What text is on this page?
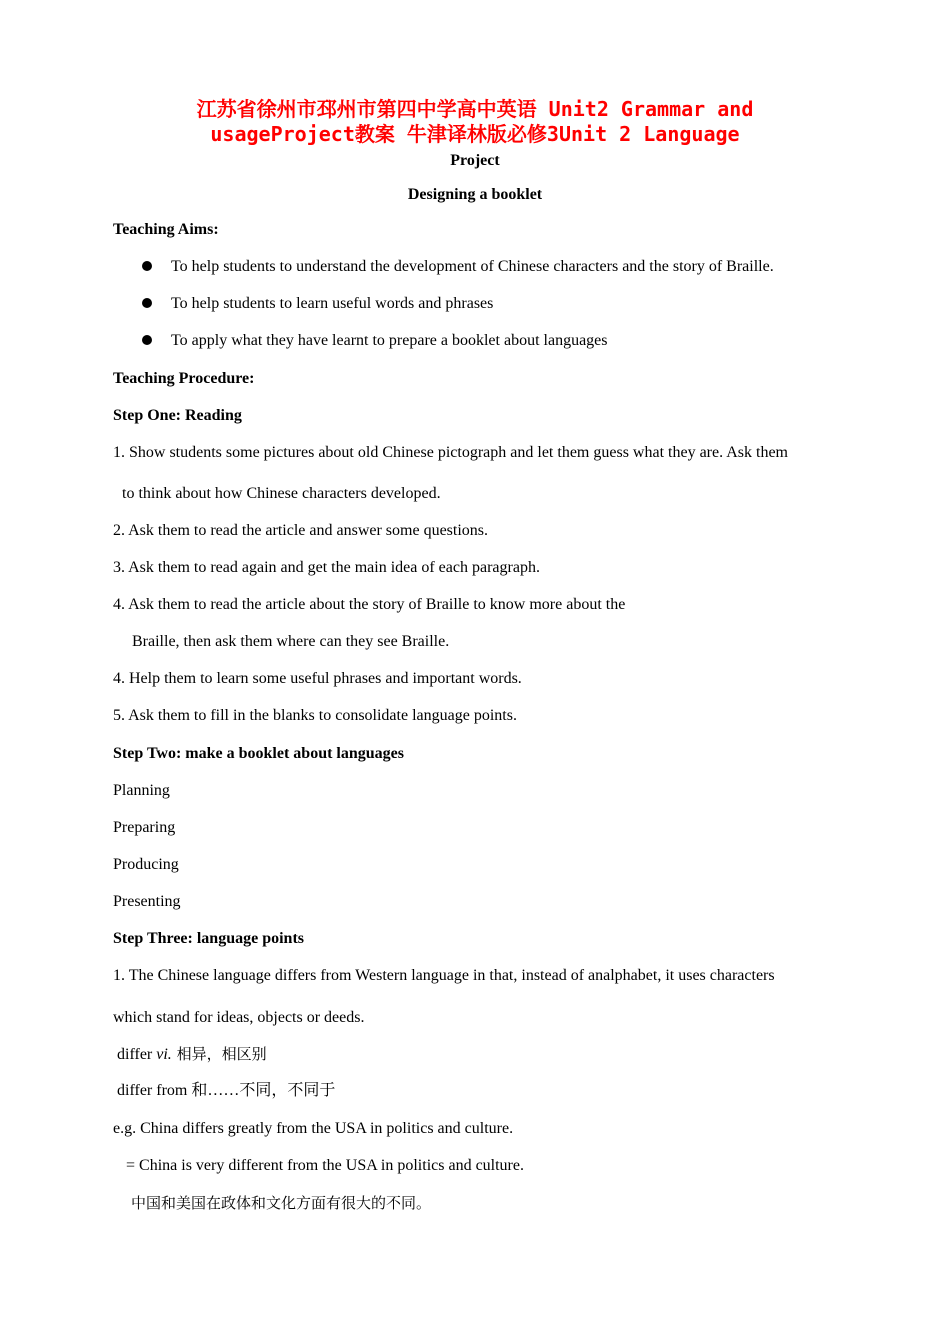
江苏省徐州市邳州市第四中学高中英语 Unit2 Grammar and
usageProject教案 牛津译林版必修3Unit 2 Language
Project
Designing a booklet
Teaching Aims:
To help students to understand the development of Chinese characters and the story of Braille.
To help students to learn useful words and phrases
To apply what they have learnt to prepare a booklet about languages
Teaching Procedure:
Step One: Reading
1. Show students some pictures about old Chinese pictograph and let them guess what they are. Ask them
to think about how Chinese characters developed.
2. Ask them to read the article and answer some questions.
3. Ask them to read again and get the main idea of each paragraph.
4. Ask them to read the article about the story of Braille to know more about the
Braille, then ask them where can they see Braille.
4. Help them to learn some useful phrases and important words.
5. Ask them to fill in the blanks to consolidate language points.
Step Two: make a booklet about languages
Planning
Preparing
Producing
Presenting
Step Three: language points
1. The Chinese language differs from Western language in that, instead of analphabet, it uses characters
which stand for ideas, objects or deeds.
differ vi. 相异，相区别
differ from 和……不同，不同于
e.g. China differs greatly from the USA in politics and culture.
= China is very different from the USA in politics and culture.
中国和美国在政体和文化方面有很大的不同。
